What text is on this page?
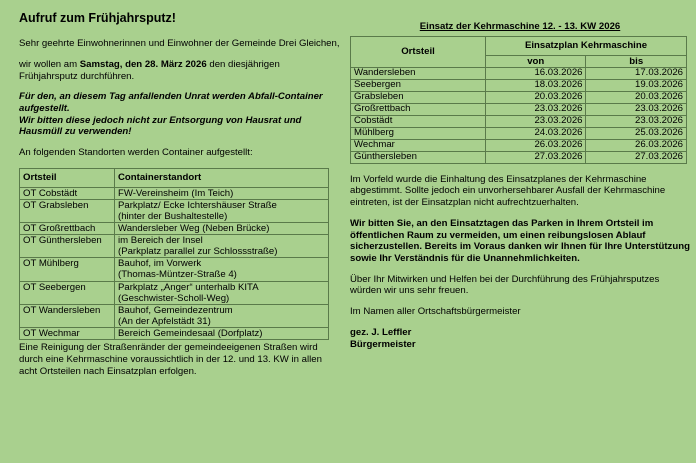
Aufruf zum Frühjahrsputz!

Sehr geehrte Einwohnerinnen und Einwohner der Gemeinde Drei Gleichen,

wir wollen am Samstag, den 28. März 2026 den diesjährigen Frühjahrsputz durchführen.

Für den, an diesem Tag anfallenden Unrat werden Abfall-Container aufgestellt.
Wir bitten diese jedoch nicht zur Entsorgung von Hausrat und Hausmüll zu verwenden!

An folgenden Standorten werden Container aufgestellt:

Ortsteil	Containerstandort
OT Cobstädt	FW-Vereinsheim (Im Teich)

OT Grabsleben	Parkplatz/ Ecke Ichtershäuser Straße
(hinter der Bushaltestelle)

OT Großrettbach	Wandersleber Weg (Neben Brücke)

OT Günthersleben	im Bereich der Insel
(Parkplatz parallel zur Schlossstraße)

OT Mühlberg	Bauhof, im Vorwerk
(Thomas-Müntzer-Straße 4)

OT Seebergen	Parkplatz „Anger“ unterhalb KITA
(Geschwister-Scholl-Weg)

OT Wandersleben	Bauhof, Gemeindezentrum
(An der Apfelstädt 31)

OT Wechmar	Bereich Gemeindesaal (Dorfplatz)
Eine Reinigung der Straßenränder der gemeindeeigenen Straßen wird durch eine Kehrmaschine voraussichtlich in der 12. und 13. KW in allen acht Ortsteilen nach Einsatzplan erfolgen.
Einsatz der Kehrmaschine 12. - 13. KW 2026
Ortsteil	Einsatzplan Kehrmaschine	
	von	bis
Wandersleben	16.03.2026	17.03.2026
Seebergen	18.03.2026	19.03.2026
Grabsleben	20.03.2026	20.03.2026
Großrettbach	23.03.2026	23.03.2026
Cobstädt	23.03.2026	23.03.2026
Mühlberg	24.03.2026	25.03.2026
Wechmar	26.03.2026	26.03.2026
Günthersleben	27.03.2026	27.03.2026

Im Vorfeld wurde die Einhaltung des Einsatzplanes der Kehrmaschine abgestimmt. Sollte jedoch ein unvorhersehbarer Ausfall der Kehrmaschine eintreten, ist der Einsatzplan nicht aufrechtzuerhalten.

Wir bitten Sie, an den Einsatztagen das Parken in Ihrem Ortsteil im öffentlichen Raum zu vermeiden, um einen reibungslosen Ablauf sicherzustellen. Bereits im Voraus danken wir Ihnen für Ihre Unterstützung sowie Ihr Verständnis für die Unannehmlichkeiten.

Über Ihr Mitwirken und Helfen bei der Durchführung des Frühjahrsputzes würden wir uns sehr freuen.

Im Namen aller Ortschaftsbürgermeister

gez. J. Leffler
Bürgermeister
